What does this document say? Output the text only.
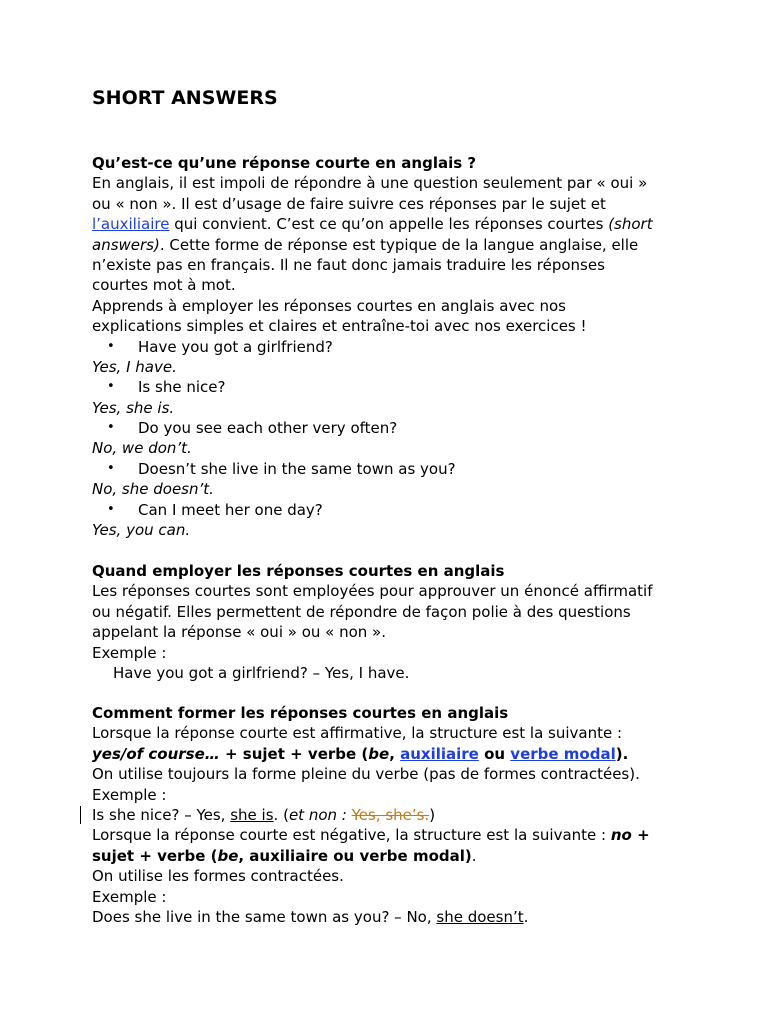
SHORT ANSWERS
Qu’est-ce qu’une réponse courte en anglais ?
En anglais, il est impoli de répondre à une question seulement par « oui »
ou « non ». Il est d’usage de faire suivre ces réponses par le sujet et
l’auxiliaire qui convient. C’est ce qu’on appelle les réponses courtes (short
answers). Cette forme de réponse est typique de la langue anglaise, elle
n’existe pas en français. Il ne faut donc jamais traduire les réponses
courtes mot à mot.
Apprends à employer les réponses courtes en anglais avec nos
explications simples et claires et entraîne-toi avec nos exercices !
• Have you got a girlfriend?
Yes, I have.
• Is she nice?
Yes, she is.
• Do you see each other very often?
No, we don’t.
• Doesn’t she live in the same town as you?
No, she doesn’t.
• Can I meet her one day?
Yes, you can.
Quand employer les réponses courtes en anglais
Les réponses courtes sont employées pour approuver un énoncé affirmatif
ou négatif. Elles permettent de répondre de façon polie à des questions
appelant la réponse « oui » ou « non ».
Exemple :
Have you got a girlfriend? – Yes, I have.
Comment former les réponses courtes en anglais
Lorsque la réponse courte est affirmative, la structure est la suivante :
yes/of course… + sujet + verbe (be, auxiliaire ou verbe modal).
On utilise toujours la forme pleine du verbe (pas de formes contractées).
Exemple :
Is she nice? – Yes, she is. (et non : Yes, she’s.)
Lorsque la réponse courte est négative, la structure est la suivante : no +
sujet + verbe (be, auxiliaire ou verbe modal).
On utilise les formes contractées.
Exemple :
Does she live in the same town as you? – No, she doesn’t.
